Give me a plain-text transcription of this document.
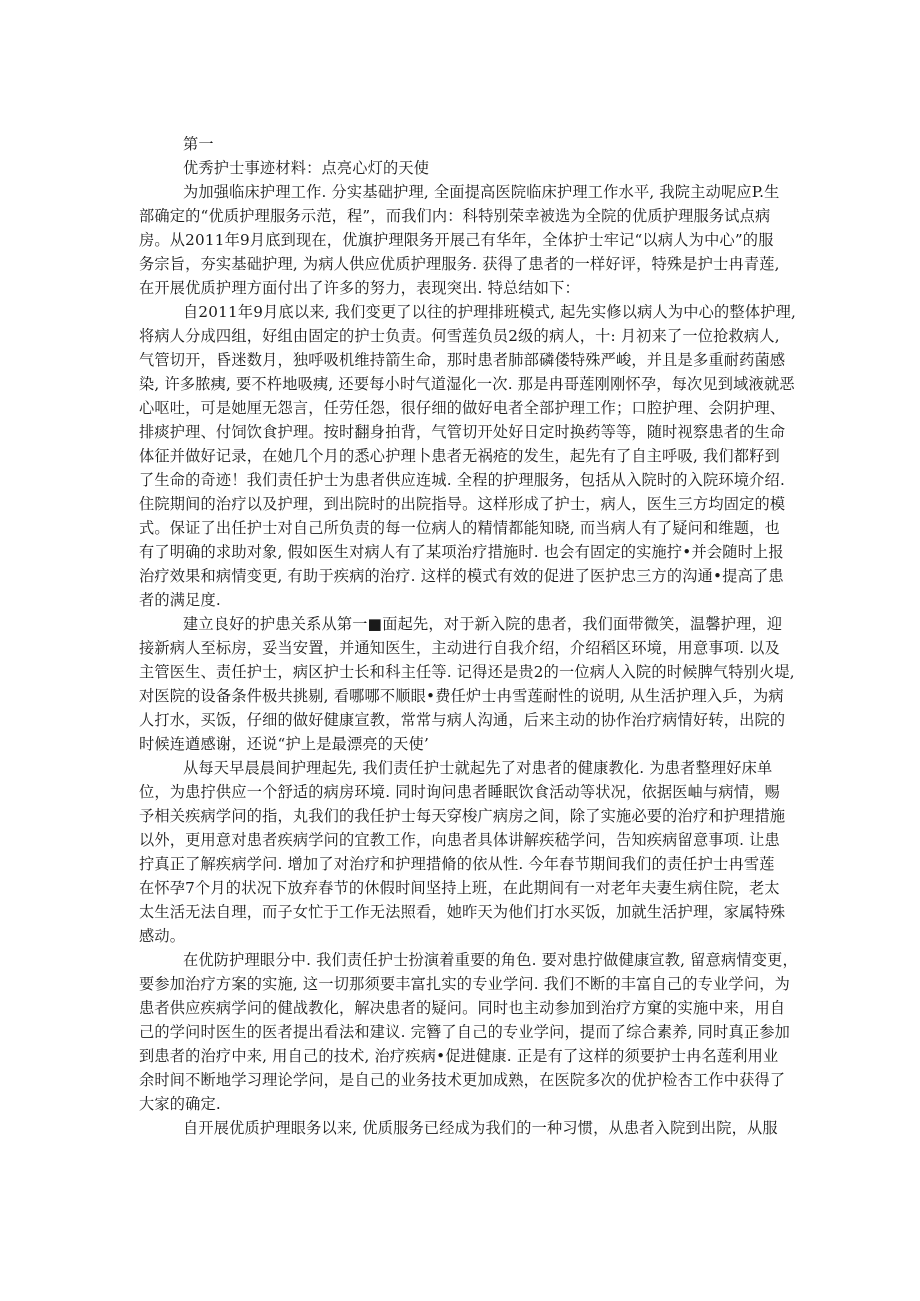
第一
优秀护士事迹材料：点亮心灯的天使
为加强临床护理工作. 分实基础护理, 全面提高医院临床护理工作水平, 我院主动呢应P.生
部确定的“优质护理服务示范，程”，而我们内：科特别荣幸被选为全院的优质护理服务试点病
房。从2011年9月底到现在，优旗护理限务开展己有华年，全体护士牢记“以病人为中心”的服
务宗旨，夯实基础护理, 为病人供应优质护理服务. 获得了患者的一样好评，特殊是护士冉青莲,
在开展优质护理方面付出了许多的努力，表现突出. 特总结如下：
自2011年9月底以来, 我们变更了以往的护理排班模式, 起先实修以病人为中心的整体护理,
将病人分成四组，好组由固定的护士负责。何雪莲负员2级的病人，十: 月初来了一位抢救病人,
气管切开，昏迷数月，独呼吸机维持箭生命，那时患者肺部磷偻特殊严峻，并且是多重耐药菌感
染, 许多脓痍, 要不杵地吸痍, 还要每小时气道湿化一次. 那是冉哥莲刚刚怀孕，每次见到域液就恶
心呕吐，可是她厘无怨言，任劳任怨，很仔细的做好电者全部护理工作；口腔护理、会阴护理、
排痰护理、付饲饮食护理。按时翻身拍背，气管切开处好日定时换药等等，随时视察患者的生命
体征并做好记录，在她几个月的悉心护理卜患者无祸疮的发生，起先有了自主呼吸, 我们都籽到
了生命的奇迹！我们责任护士为患者供应连城. 全程的护理服务，包括从入院时的入院环境介绍.
住院期间的治疗以及护理，到出院时的出院指导。这样形成了护士，病人，医生三方均固定的模
式。保证了出任护士对自己所负责的每一位病人的精情都能知晓, 而当病人有了疑问和维题，也
有了明确的求助对象, 假如医生对病人有了某项治疗措施时. 也会有固定的实施拧•并会随时上报
治疗效果和病情变更, 有助于疾病的治疗. 这样的模式有效的促进了医护忠三方的沟通•提高了患
者的满足度.
建立良好的护患关系从第一■面起先，对于新入院的患者，我们面带微笑，温馨护理，迎
接新病人至标房，妥当安置，并通知医生，主动进行自我介绍，介绍稻区环境，用意事项. 以及
主管医生、责任护士，病区护士长和科主任等. 记得还是贵2的一位病人入院的时候脾气特别火堤,
对医院的设备条件极共挑剔, 看哪哪不顺眼•费任炉士冉雪莲耐性的说明, 从生活护理入乒，为病
人打水，买饭，仔细的做好健康宣教，常常与病人沟通，后来主动的协作治疗病情好转，出院的
时候连遒感谢，还说“护上是最漂亮的天使’
从每天早晨晨间护理起先, 我们责任护士就起先了对患者的健康教化. 为患者整理好床单
位，为患拧供应一个舒适的病房环境. 同时询问患者睡眠饮食活动等状况，依据医岫与病情，赐
予相关疾病学问的指，丸我们的我任护士每天穿梭广病房之间，除了实施必要的治疗和护理措施
以外，更用意对患者疾病学问的宜教工作，向患者具体讲解疾嵇学问，告知疾病留意事项. 让患
拧真正了解疾病学问. 增加了对治疗和护理措脩的依从性. 今年春节期间我们的责任护士冉雪莲
在怀孕7个月的状况下放弃春节的休假时间坚持上班，在此期间有一对老年夫妻生病住院，老太
太生活无法自理，而子女忙于工作无法照看，她昨天为他们打水买饭，加就生活护理，家属特殊
感动。
在优防护理眼分中. 我们责任护士扮演着重要的角色. 要对患拧做健康宣教, 留意病情变更，
要参加治疗方案的实施, 这一切那须要丰富扎实的专业学问. 我们不断的丰富自己的专业学问，为
患者供应疾病学问的健战教化，解决患者的疑问。同时也主动参加到治疗方窠的实施中来，用自
己的学问时医生的医者提出看法和建议. 完簪了自己的专业学问，提而了综合素养, 同时真正参加
到患者的治疗中来, 用自己的技术, 治疗疾病•促进健康. 正是有了这样的须要护士冉名莲利用业
余时间不断地学习理论学问，是自己的业务技术更加成熟，在医院多次的优护检杏工作中获得了
大家的确定.
自开展优质护理眼务以来, 优质服务已经成为我们的一种习惯，从患者入院到出院，从服
